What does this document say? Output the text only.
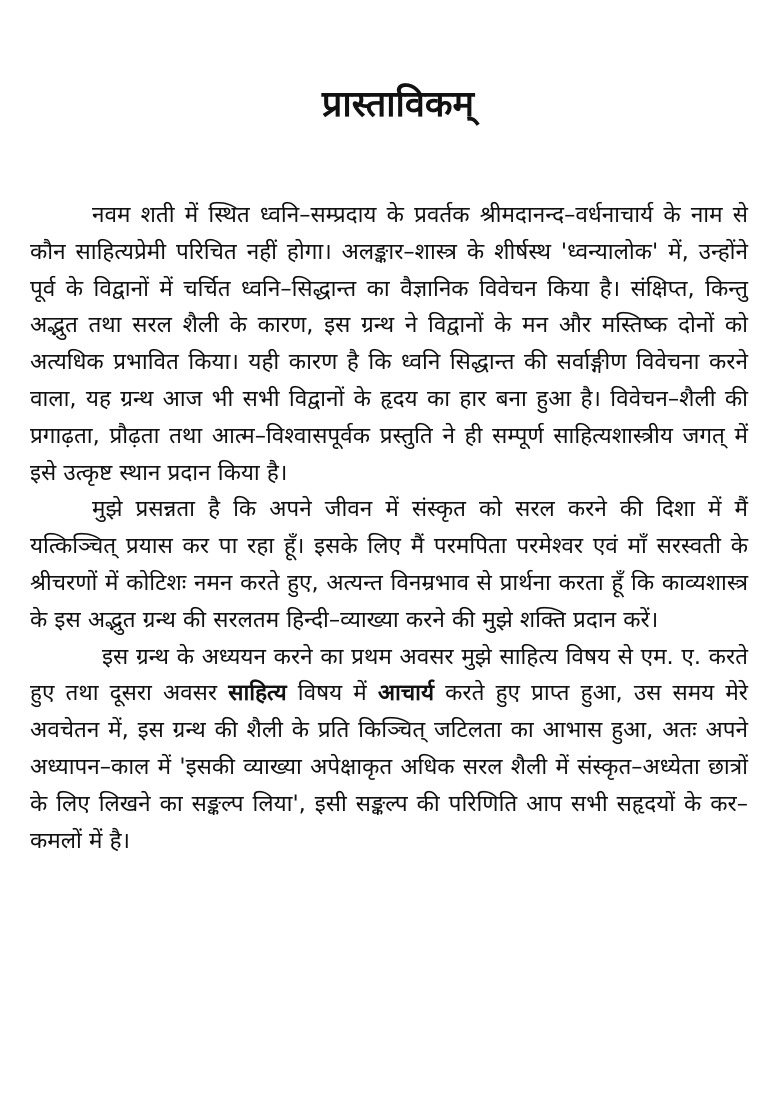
प्रास्ताविकम्

नवम शती में स्थित ध्वनि–सम्प्रदाय के प्रवर्तक श्रीमदानन्द–वर्धनाचार्य के नाम से कौन साहित्यप्रेमी परिचित नहीं होगा। अलङ्कार–शास्त्र के शीर्षस्थ 'ध्वन्यालोक' में, उन्होंने पूर्व के विद्वानों में चर्चित ध्वनि–सिद्धान्त का वैज्ञानिक विवेचन किया है। संक्षिप्त, किन्तु अद्भुत तथा सरल शैली के कारण, इस ग्रन्थ ने विद्वानों के मन और मस्तिष्क दोनों को अत्यधिक प्रभावित किया। यही कारण है कि ध्वनि सिद्धान्त की सर्वाङ्गीण विवेचना करने वाला, यह ग्रन्थ आज भी सभी विद्वानों के हृदय का हार बना हुआ है। विवेचन–शैली की प्रगाढ़ता, प्रौढ़ता तथा आत्म–विश्वासपूर्वक प्रस्तुति ने ही सम्पूर्ण साहित्यशास्त्रीय जगत् में इसे उत्कृष्ट स्थान प्रदान किया है।

मुझे प्रसन्नता है कि अपने जीवन में संस्कृत को सरल करने की दिशा में मैं यत्किञ्चित् प्रयास कर पा रहा हूँ। इसके लिए मैं परमपिता परमेश्वर एवं माँ सरस्वती के श्रीचरणों में कोटिशः नमन करते हुए, अत्यन्त विनम्रभाव से प्रार्थना करता हूँ कि काव्यशास्त्र के इस अद्भुत ग्रन्थ की सरलतम हिन्दी–व्याख्या करने की मुझे शक्ति प्रदान करें।

इस ग्रन्थ के अध्ययन करने का प्रथम अवसर मुझे साहित्य विषय से एम. ए. करते हुए तथा दूसरा अवसर साहित्य विषय में आचार्य करते हुए प्राप्त हुआ, उस समय मेरे अवचेतन में, इस ग्रन्थ की शैली के प्रति किञ्चित् जटिलता का आभास हुआ, अतः अपने अध्यापन–काल में 'इसकी व्याख्या अपेक्षाकृत अधिक सरल शैली में संस्कृत–अध्येता छात्रों के लिए लिखने का सङ्कल्प लिया', इसी सङ्कल्प की परिणिति आप सभी सहृदयों के कर–कमलों में है।
